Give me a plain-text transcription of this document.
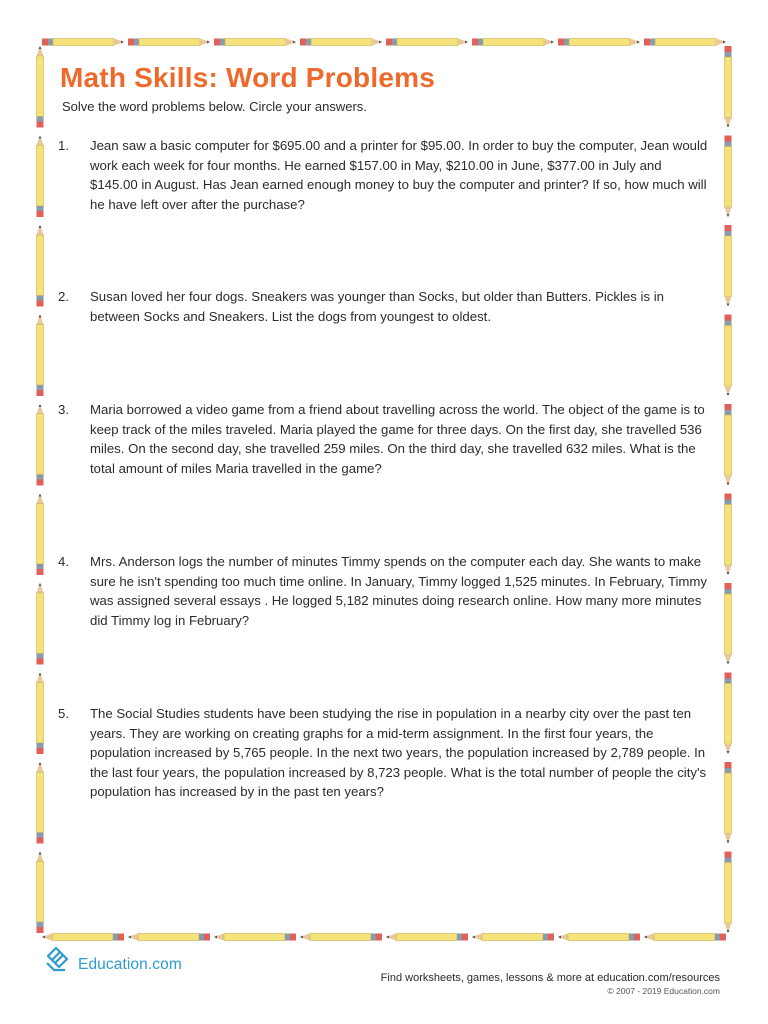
Math Skills: Word Problems

Solve the word problems below. Circle your answers.

1. Jean saw a basic computer for $695.00 and a printer for $95.00. In order to buy the computer, Jean would work each week for four months. He earned $157.00 in May, $210.00 in June, $377.00 in July and $145.00 in August. Has Jean earned enough money to buy the computer and printer? If so, how much will he have left over after the purchase?
2. Susan loved her four dogs. Sneakers was younger than Socks, but older than Butters. Pickles is in between Socks and Sneakers. List the dogs from youngest to oldest.
3. Maria borrowed a video game from a friend about travelling across the world. The object of the game is to keep track of the miles traveled. Maria played the game for three days. On the first day, she travelled 536 miles. On the second day, she travelled 259 miles. On the third day, she travelled 632 miles. What is the total amount of miles Maria travelled in the game?
4. Mrs. Anderson logs the number of minutes Timmy spends on the computer each day. She wants to make sure he isn't spending too much time online. In January, Timmy logged 1,525 minutes. In February, Timmy was assigned several essays . He logged 5,182 minutes doing research online. How many more minutes did Timmy log in February?
5. The Social Studies students have been studying the rise in population in a nearby city over the past ten years. They are working on creating graphs for a mid-term assignment. In the first four years, the population increased by 5,765 people. In the next two years, the population increased by 2,789 people. In the last four years, the population increased by 8,723 people. What is the total number of people the city's population has increased by in the past ten years?
Education.com
Find worksheets, games, lessons & more at education.com/resources
© 2007 - 2019 Education.com
